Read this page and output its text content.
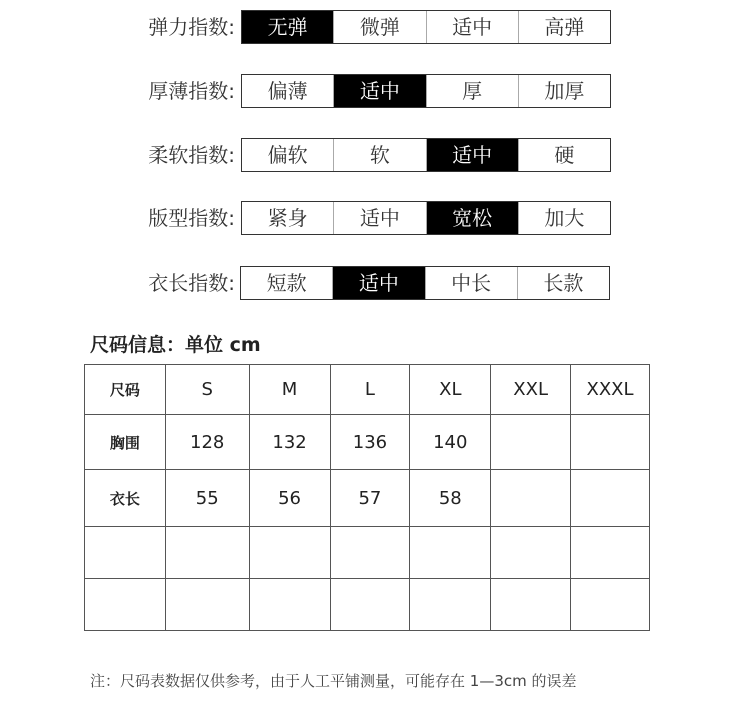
弹力指数:	无弹	微弹	适中	高弹
厚薄指数:	偏薄	适中	厚	加厚
柔软指数:	偏软	软	适中	硬
版型指数:	紧身	适中	宽松	加大
衣长指数:	短款	适中	中长	长款
尺码信息：单位 cm
尺码	S	M	L	XL	XXL	XXXL
胸围	128	132	136	140		
衣长	55	56	57	58		

注：尺码表数据仅供参考，由于人工平铺测量，可能存在 1—3cm 的误差
